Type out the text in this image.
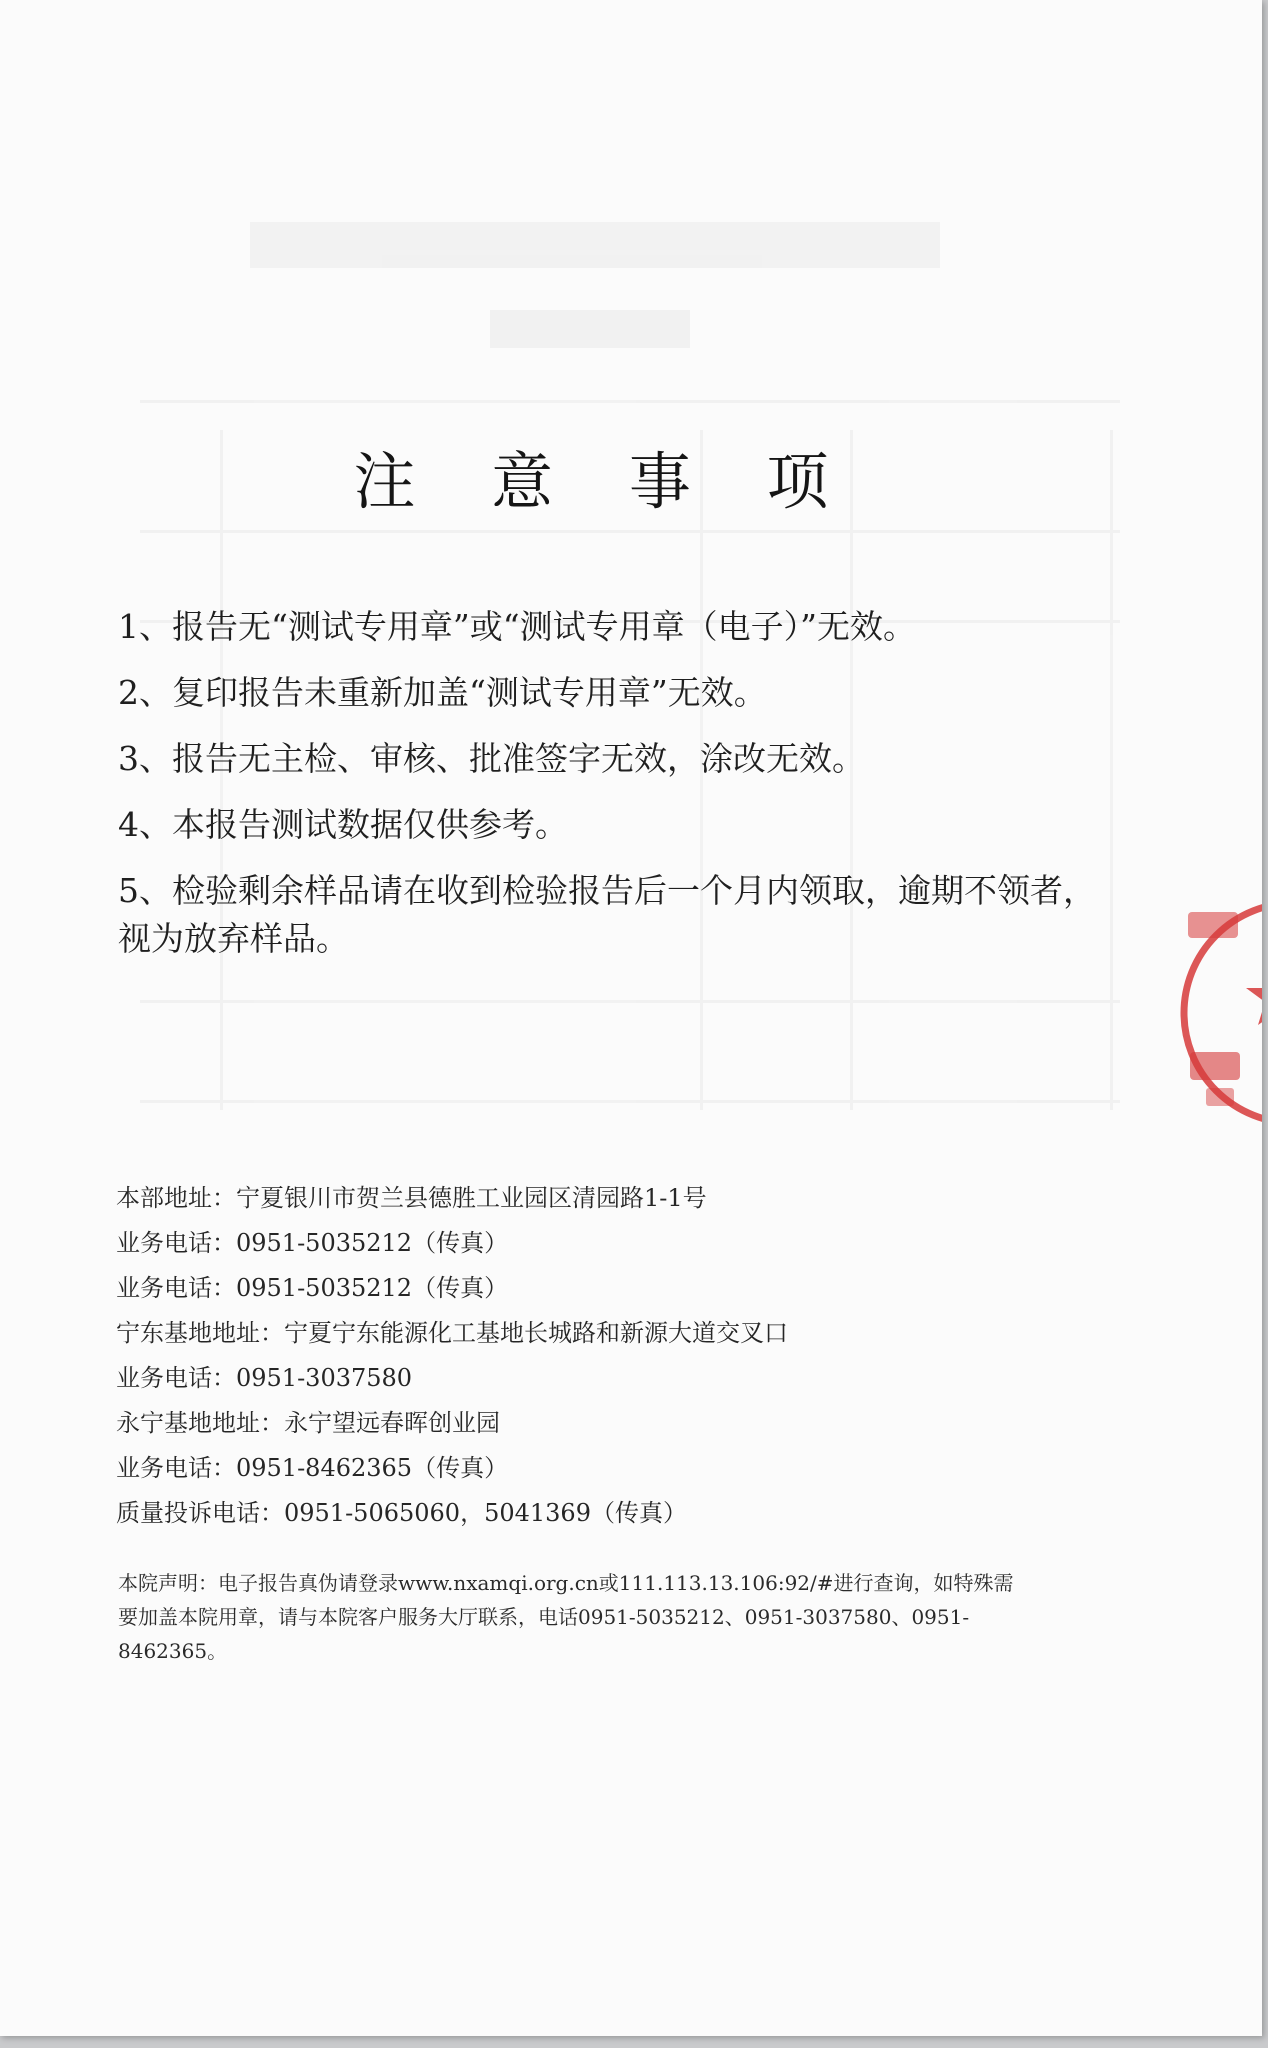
注 意 事 项

1、报告无“测试专用章”或“测试专用章（电子）”无效。

2、复印报告未重新加盖“测试专用章”无效。

3、报告无主检、审核、批准签字无效，涂改无效。

4、本报告测试数据仅供参考。

5、检验剩余样品请在收到检验报告后一个月内领取，逾期不领者，视为放弃样品。

本部地址：宁夏银川市贺兰县德胜工业园区清园路1-1号

业务电话：0951-5035212（传真）

业务电话：0951-5035212（传真）

宁东基地地址：宁夏宁东能源化工基地长城路和新源大道交叉口

业务电话：0951-3037580

永宁基地地址：永宁望远春晖创业园

业务电话：0951-8462365（传真）

质量投诉电话：0951-5065060，5041369（传真）

本院声明：电子报告真伪请登录www.nxamqi.org.cn或111.113.13.106:92/#进行查询，如特殊需要加盖本院用章，请与本院客户服务大厅联系，电话0951-5035212、0951-3037580、0951-8462365。
